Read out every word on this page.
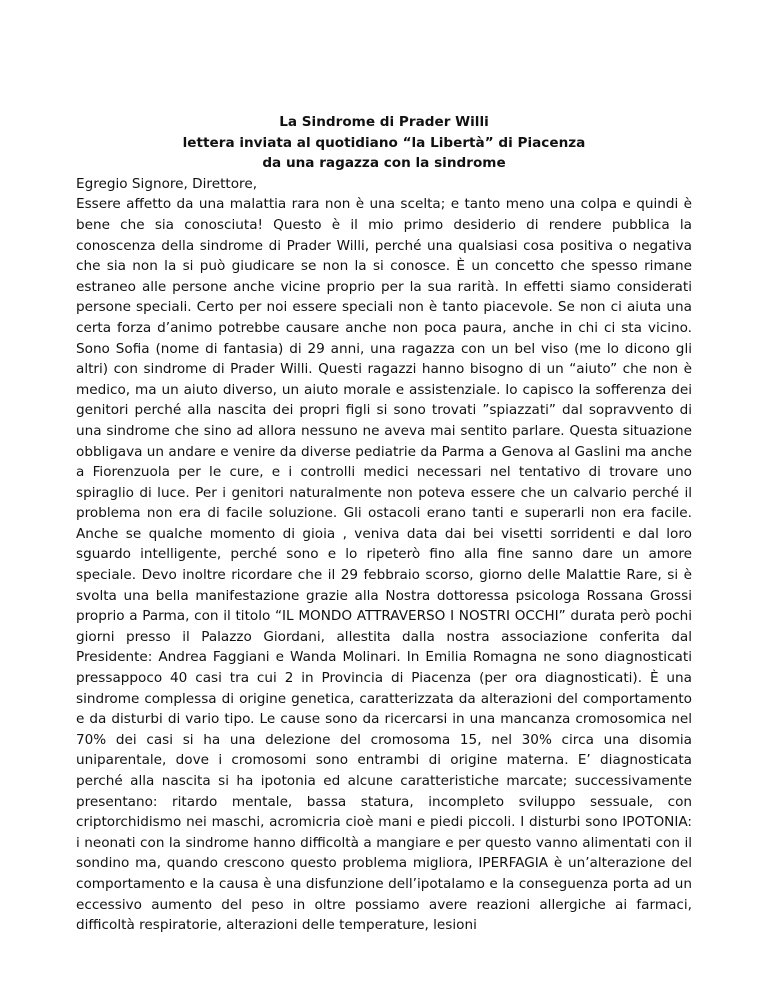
La Sindrome di Prader Willi
lettera inviata al quotidiano “la Libertà” di Piacenza
da una ragazza con la sindrome
Egregio Signore, Direttore,

Essere affetto da una malattia rara non è una scelta; e tanto meno una colpa e quindi è bene che sia conosciuta! Questo è il mio primo desiderio di rendere pubblica la conoscenza della sindrome di Prader Willi, perché una qualsiasi cosa positiva o negativa che sia non la si può giudicare se non la si conosce. È un concetto che spesso rimane estraneo alle persone anche vicine proprio per la sua rarità. In effetti siamo considerati persone speciali. Certo per noi essere speciali non è tanto piacevole. Se non ci aiuta una certa forza d’animo potrebbe causare anche non poca paura, anche in chi ci sta vicino. Sono Sofia (nome di fantasia) di 29 anni, una ragazza con un bel viso (me lo dicono gli altri) con sindrome di Prader Willi. Questi ragazzi hanno bisogno di un “aiuto” che non è medico, ma un aiuto diverso, un aiuto morale e assistenziale. Io capisco la sofferenza dei genitori perché alla nascita dei propri figli si sono trovati ”spiazzati” dal sopravvento di una sindrome che sino ad allora nessuno ne aveva mai sentito parlare. Questa situazione obbligava un andare e venire da diverse pediatrie da Parma a Genova al Gaslini ma anche a Fiorenzuola per le cure, e i controlli medici necessari nel tentativo di trovare uno spiraglio di luce. Per i genitori naturalmente non poteva essere che un calvario perché il problema non era di facile soluzione. Gli ostacoli erano tanti e superarli non era facile. Anche se qualche momento di gioia , veniva data dai bei visetti sorridenti e dal loro sguardo intelligente, perché sono e lo ripeterò fino alla fine sanno dare un amore speciale. Devo inoltre ricordare che il 29 febbraio scorso, giorno delle Malattie Rare, si è svolta una bella manifestazione grazie alla Nostra dottoressa psicologa Rossana Grossi proprio a Parma, con il titolo “IL MONDO ATTRAVERSO I NOSTRI OCCHI” durata però pochi giorni presso il Palazzo Giordani, allestita dalla nostra associazione conferita dal Presidente: Andrea Faggiani e Wanda Molinari. In Emilia Romagna ne sono diagnosticati pressappoco 40 casi tra cui 2 in Provincia di Piacenza (per ora diagnosticati). È una sindrome complessa di origine genetica, caratterizzata da alterazioni del comportamento e da disturbi di vario tipo. Le cause sono da ricercarsi in una mancanza cromosomica nel 70% dei casi si ha una delezione del cromosoma 15, nel 30% circa una disomia uniparentale, dove i cromosomi sono entrambi di origine materna. E’ diagnosticata perché alla nascita si ha ipotonia ed alcune caratteristiche marcate; successivamente presentano: ritardo mentale, bassa statura, incompleto sviluppo sessuale, con criptorchidismo nei maschi, acromicria cioè mani e piedi piccoli. I disturbi sono IPOTONIA: i neonati con la sindrome hanno difficoltà a mangiare e per questo vanno alimentati con il sondino ma, quando crescono questo problema migliora, IPERFAGIA è un’alterazione del comportamento e la causa è una disfunzione dell’ipotalamo e la conseguenza porta ad un eccessivo aumento del peso in oltre possiamo avere reazioni allergiche ai farmaci, difficoltà respiratorie, alterazioni delle temperature, lesioni
